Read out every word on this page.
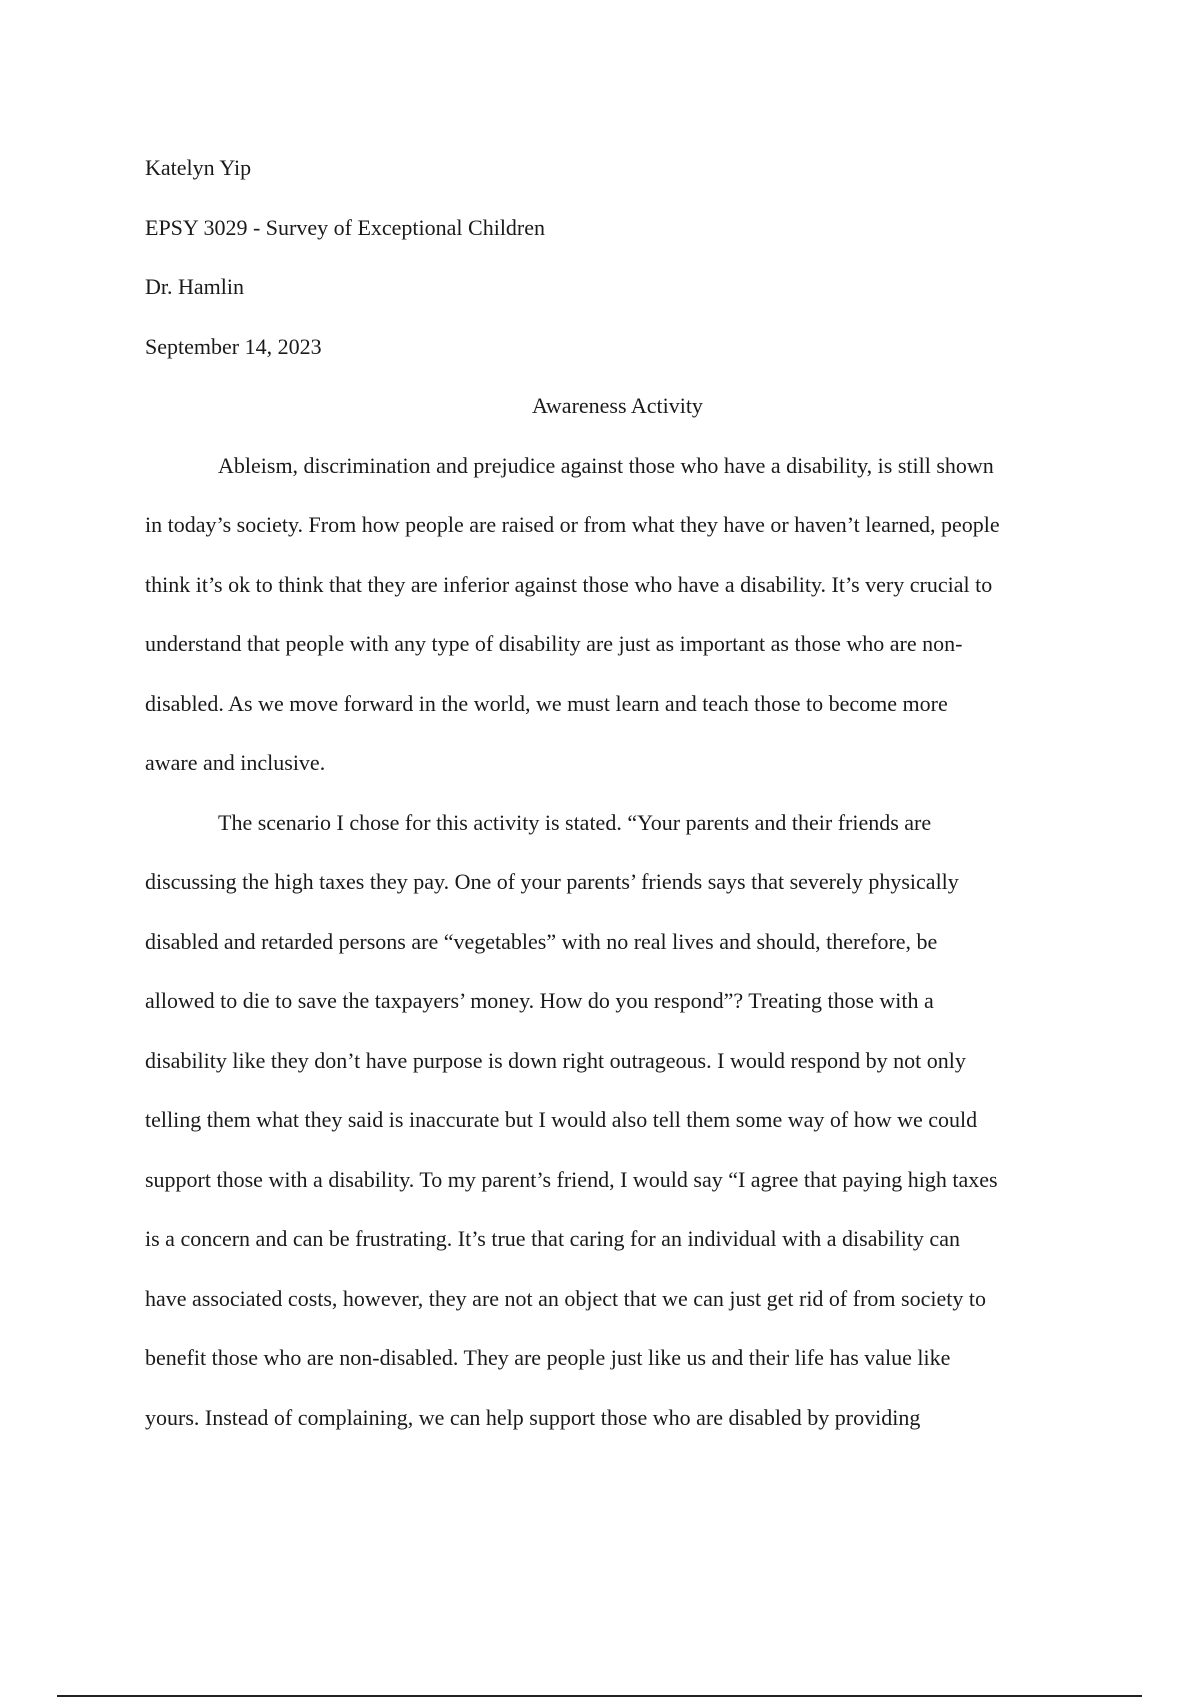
Katelyn Yip
EPSY 3029 - Survey of Exceptional Children
Dr. Hamlin
September 14, 2023
Awareness Activity
Ableism, discrimination and prejudice against those who have a disability, is still shown
in today’s society. From how people are raised or from what they have or haven’t learned, people
think it’s ok to think that they are inferior against those who have a disability. It’s very crucial to
understand that people with any type of disability are just as important as those who are non-
disabled. As we move forward in the world, we must learn and teach those to become more
aware and inclusive.
The scenario I chose for this activity is stated. “Your parents and their friends are
discussing the high taxes they pay. One of your parents’ friends says that severely physically
disabled and retarded persons are “vegetables” with no real lives and should, therefore, be
allowed to die to save the taxpayers’ money. How do you respond”? Treating those with a
disability like they don’t have purpose is down right outrageous. I would respond by not only
telling them what they said is inaccurate but I would also tell them some way of how we could
support those with a disability. To my parent’s friend, I would say “I agree that paying high taxes
is a concern and can be frustrating. It’s true that caring for an individual with a disability can
have associated costs, however, they are not an object that we can just get rid of from society to
benefit those who are non-disabled. They are people just like us and their life has value like
yours. Instead of complaining, we can help support those who are disabled by providing
